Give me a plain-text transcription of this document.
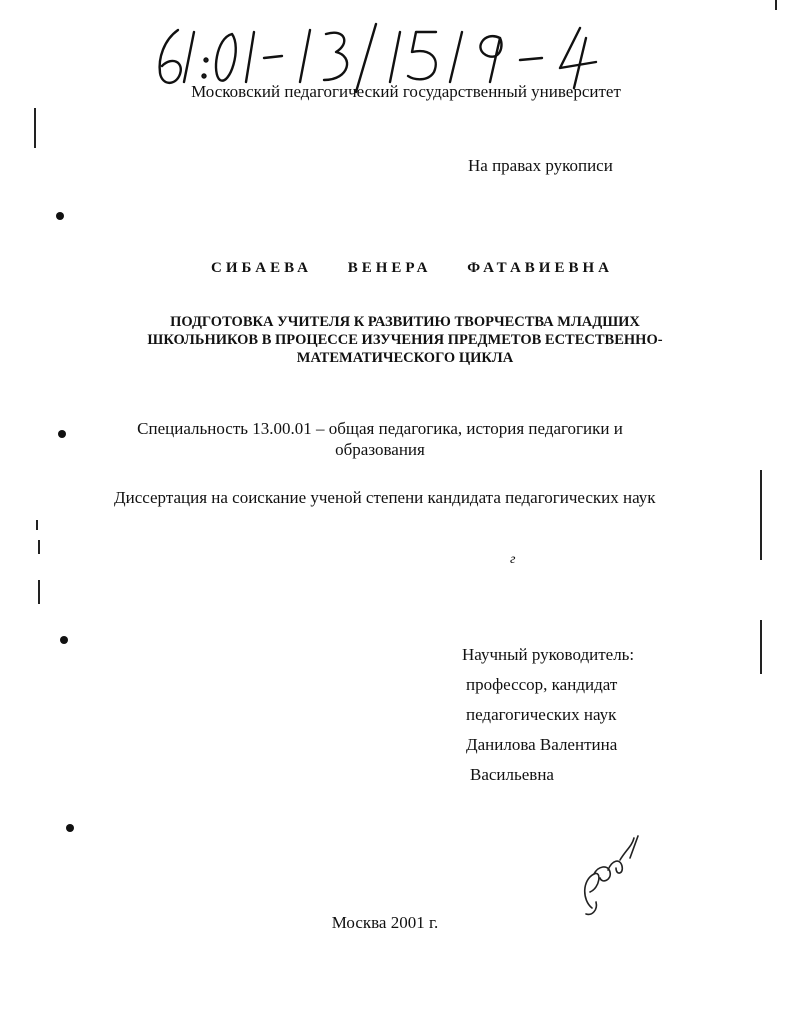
Московский педагогический государственный университет
На правах рукописи
СИБАЕВА ВЕНЕРА ФАТАВИЕВНА
ПОДГОТОВКА УЧИТЕЛЯ К РАЗВИТИЮ ТВОРЧЕСТВА МЛАДШИХ
ШКОЛЬНИКОВ В ПРОЦЕССЕ ИЗУЧЕНИЯ ПРЕДМЕТОВ ЕСТЕСТВЕННО-
МАТЕМАТИЧЕСКОГО ЦИКЛА
Специальность 13.00.01 – общая педагогика, история педагогики и
образования
Диссертация на соискание ученой степени кандидата педагогических наук
г
Научный руководитель:
профессор, кандидат
педагогических наук
Данилова Валентина
Васильевна
Москва 2001 г.
